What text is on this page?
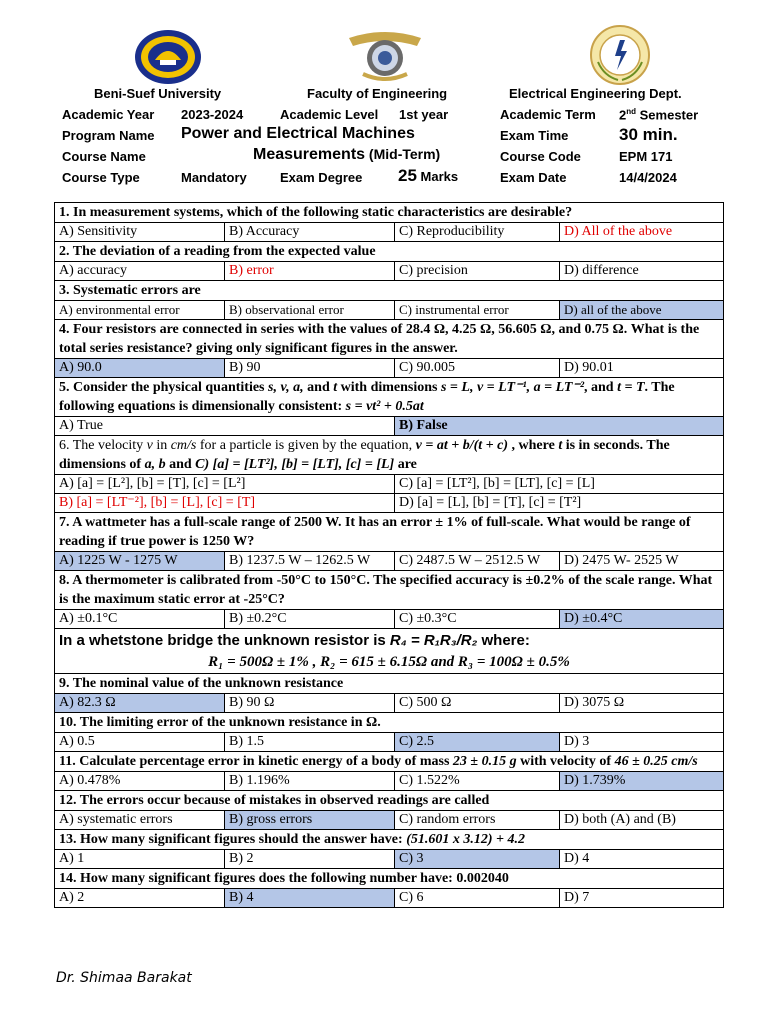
Beni-Suef University	Faculty of Engineering	Electrical Engineering Dept.
Academic Year 2023-2024	Academic Level 1st year	Academic Term 2nd Semester
Program Name Power and Electrical Machines	Exam Time	30 min.
Course Name	Measurements (Mid-Term)	Course Code	EPM 171
Course Type	Mandatory	Exam Degree 25 Marks	Exam Date	14/4/2024
1. In measurement systems, which of the following static characteristics are desirable?			
A) Sensitivity	B) Accuracy	C) Reproducibility	D) All of the above
2. The deviation of a reading from the expected value			
A) accuracy	B) error	C) precision	D) difference
3. Systematic errors are			
A) environmental error	B) observational error	C) instrumental error	D) all of the above
4. Four resistors are connected in series with the values of 28.4 Ω, 4.25 Ω, 56.605 Ω, and 0.75 Ω. What is the total series resistance? giving only significant figures in the answer.			
A) 90.0	B) 90	C) 90.005	D) 90.01
5. Consider the physical quantities s, v, a, and t with dimensions s = L, v = LT⁻¹, a = LT⁻², and t = T. The following equations is dimensionally consistent: s = vt² + 0.5at			
A) True		B) False	
6. The velocity v in cm/s for a particle is given by the equation, v = at + b/(t + c) , where t is in seconds. The dimensions of a, b and C) [a] = [LT²], [b] = [LT], [c] = [L] are			
A) [a] = [L²], [b] = [T], [c] = [L²]		C) [a] = [LT²], [b] = [LT], [c] = [L]	
B) [a] = [LT⁻²], [b] = [L], [c] = [T]		D) [a] = [L], [b] = [T], [c] = [T²]	
7. A wattmeter has a full-scale range of 2500 W. It has an error ± 1% of full-scale. What would be range of reading if true power is 1250 W?			
A) 1225 W - 1275 W	B) 1237.5 W – 1262.5 W	C) 2487.5 W – 2512.5 W	D) 2475 W- 2525 W
8. A thermometer is calibrated from -50°C to 150°C. The specified accuracy is ±0.2% of the scale range. What is the maximum static error at -25°C?			
A) ±0.1°C	B) ±0.2°C	C) ±0.3°C	D) ±0.4°C

In a whetstone bridge the unknown resistor is R₄ = R₁R₃/R₂ where:
R₁ = 500Ω ± 1% , R₂ = 615 ± 6.15Ω and R₃ = 100Ω ± 0.5%			

9. The nominal value of the unknown resistance			
A) 82.3 Ω	B) 90 Ω	C) 500 Ω	D) 3075 Ω
10. The limiting error of the unknown resistance in Ω.			
A) 0.5	B) 1.5	C) 2.5	D) 3
11. Calculate percentage error in kinetic energy of a body of mass 23 ± 0.15 g with velocity of 46 ± 0.25 cm/s			
A) 0.478%	B) 1.196%	C) 1.522%	D) 1.739%
12. The errors occur because of mistakes in observed readings are called			
A) systematic errors	B) gross errors	C) random errors	D) both (A) and (B)
13. How many significant figures should the answer have: (51.601 x 3.12) + 4.2			
A) 1	B) 2	C) 3	D) 4
14. How many significant figures does the following number have: 0.002040			
A) 2	B) 4	C) 6	D) 7
Dr. Shimaa Barakat
